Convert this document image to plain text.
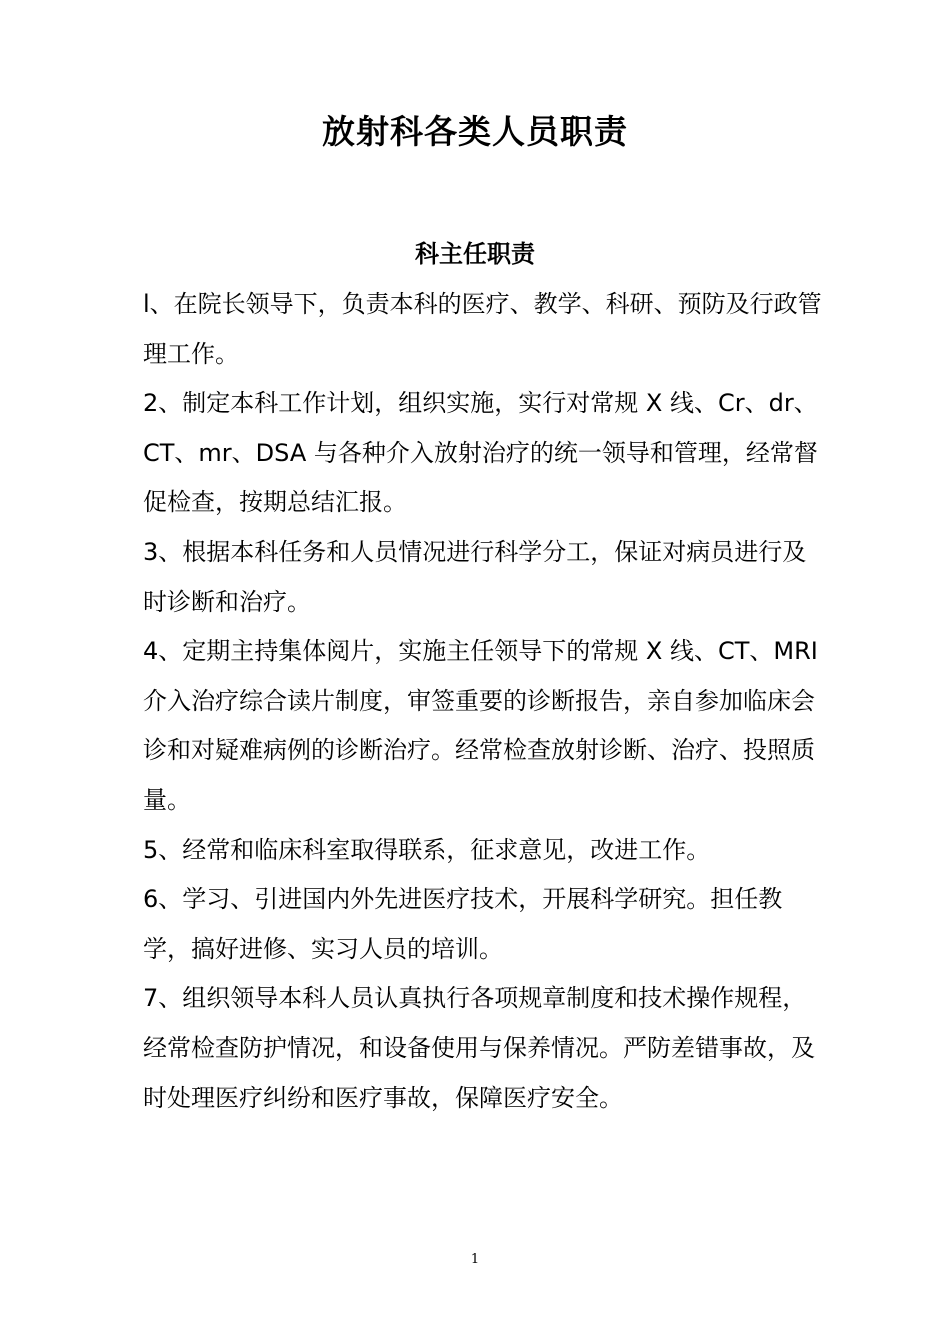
放射科各类人员职责
科主任职责

l、在院长领导下，负责本科的医疗、教学、科研、预防及行政管理工作。

2、制定本科工作计划，组织实施，实行对常规 X 线、Cr、dr、CT、mr、DSA 与各种介入放射治疗的统一领导和管理，经常督促检查，按期总结汇报。

3、根据本科任务和人员情况进行科学分工，保证对病员进行及时诊断和治疗。

4、定期主持集体阅片，实施主任领导下的常规 X 线、CT、MRI 介入治疗综合读片制度，审签重要的诊断报告，亲自参加临床会诊和对疑难病例的诊断治疗。经常检查放射诊断、治疗、投照质量。

5、经常和临床科室取得联系，征求意见，改进工作。

6、学习、引进国内外先进医疗技术，开展科学研究。担任教学，搞好进修、实习人员的培训。

7、组织领导本科人员认真执行各项规章制度和技术操作规程，经常检查防护情况，和设备使用与保养情况。严防差错事故，及时处理医疗纠纷和医疗事故，保障医疗安全。

1
